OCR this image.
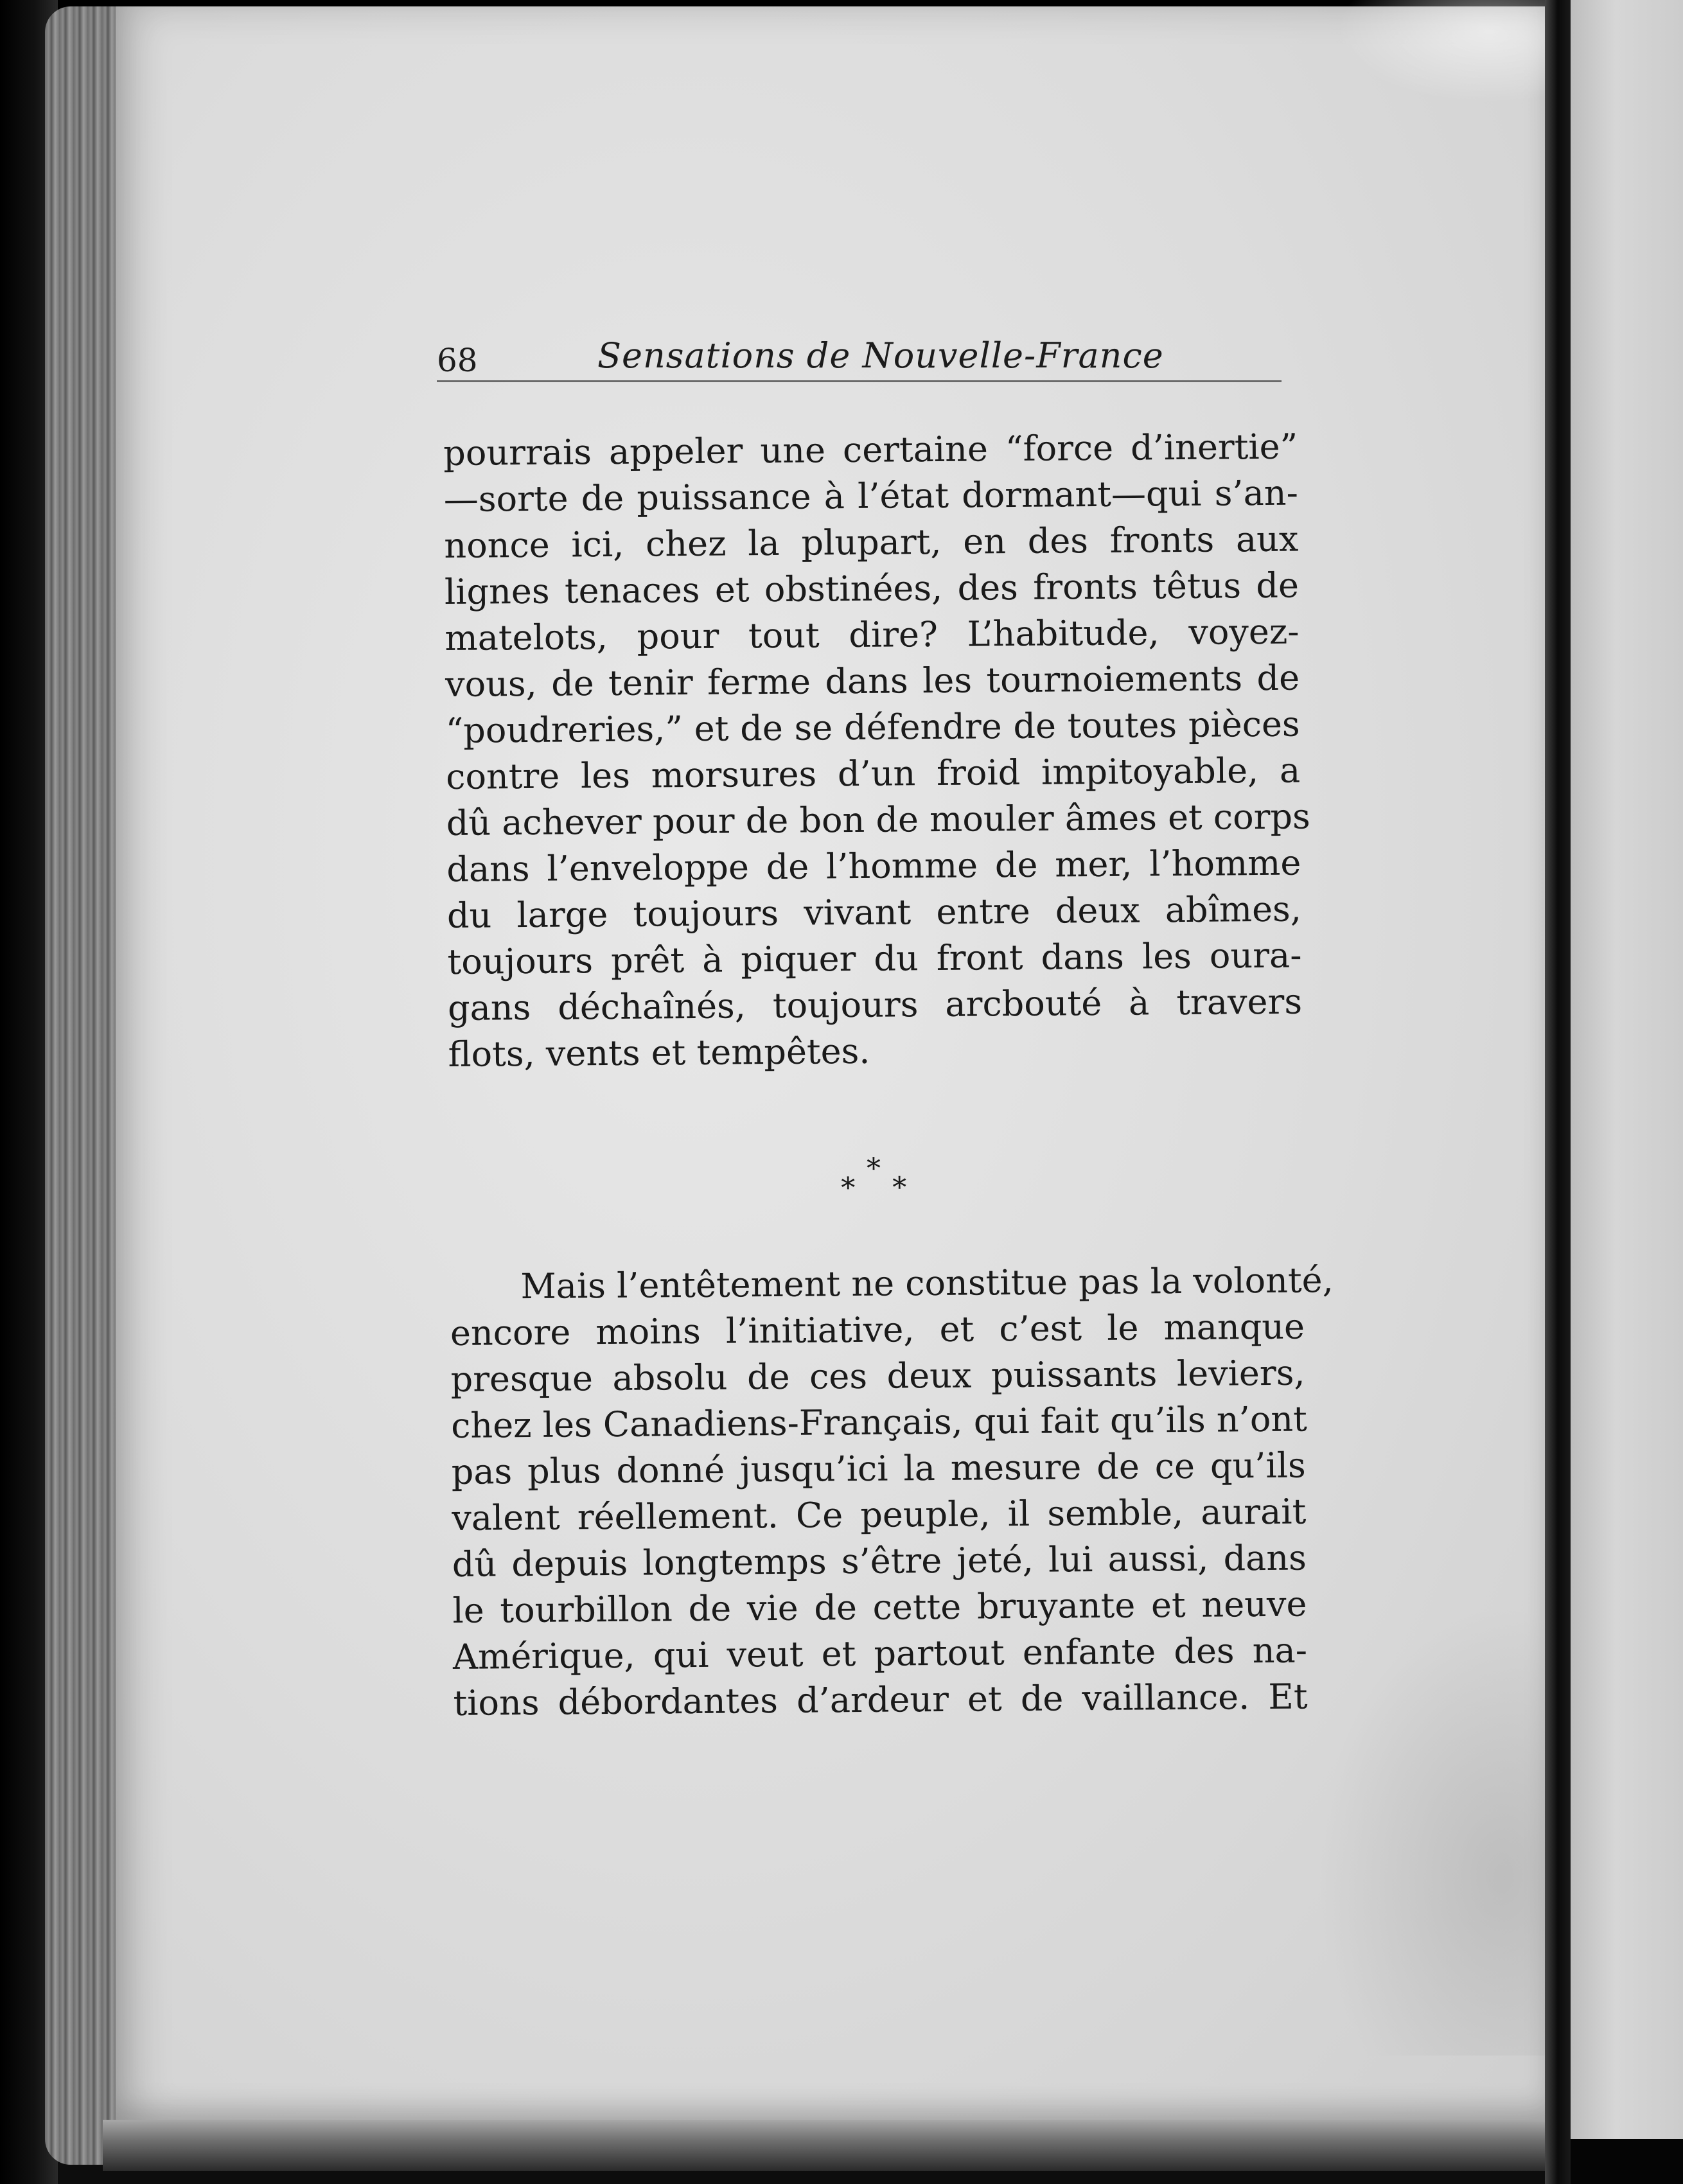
68	Sensations de Nouvelle-France
pourrais appeler une certaine “force d’inertie”
—sorte de puissance à l’état dormant—qui s’an-
nonce ici, chez la plupart, en des fronts aux
lignes tenaces et obstinées, des fronts têtus de
matelots, pour tout dire? L’habitude, voyez-
vous, de tenir ferme dans les tournoiements de
“poudreries,” et de se défendre de toutes pièces
contre les morsures d’un froid impitoyable, a
dû achever pour de bon de mouler âmes et corps
dans l’enveloppe de l’homme de mer, l’homme
du large toujours vivant entre deux abîmes,
toujours prêt à piquer du front dans les oura-
gans déchaînés, toujours arcbouté à travers
flots, vents et tempêtes.
*
*
*
Mais l’entêtement ne constitue pas la volonté,
encore moins l’initiative, et c’est le manque
presque absolu de ces deux puissants leviers,
chez les Canadiens-Français, qui fait qu’ils n’ont
pas plus donné jusqu’ici la mesure de ce qu’ils
valent réellement. Ce peuple, il semble, aurait
dû depuis longtemps s’être jeté, lui aussi, dans
le tourbillon de vie de cette bruyante et neuve
Amérique, qui veut et partout enfante des na-
tions débordantes d’ardeur et de vaillance. Et
